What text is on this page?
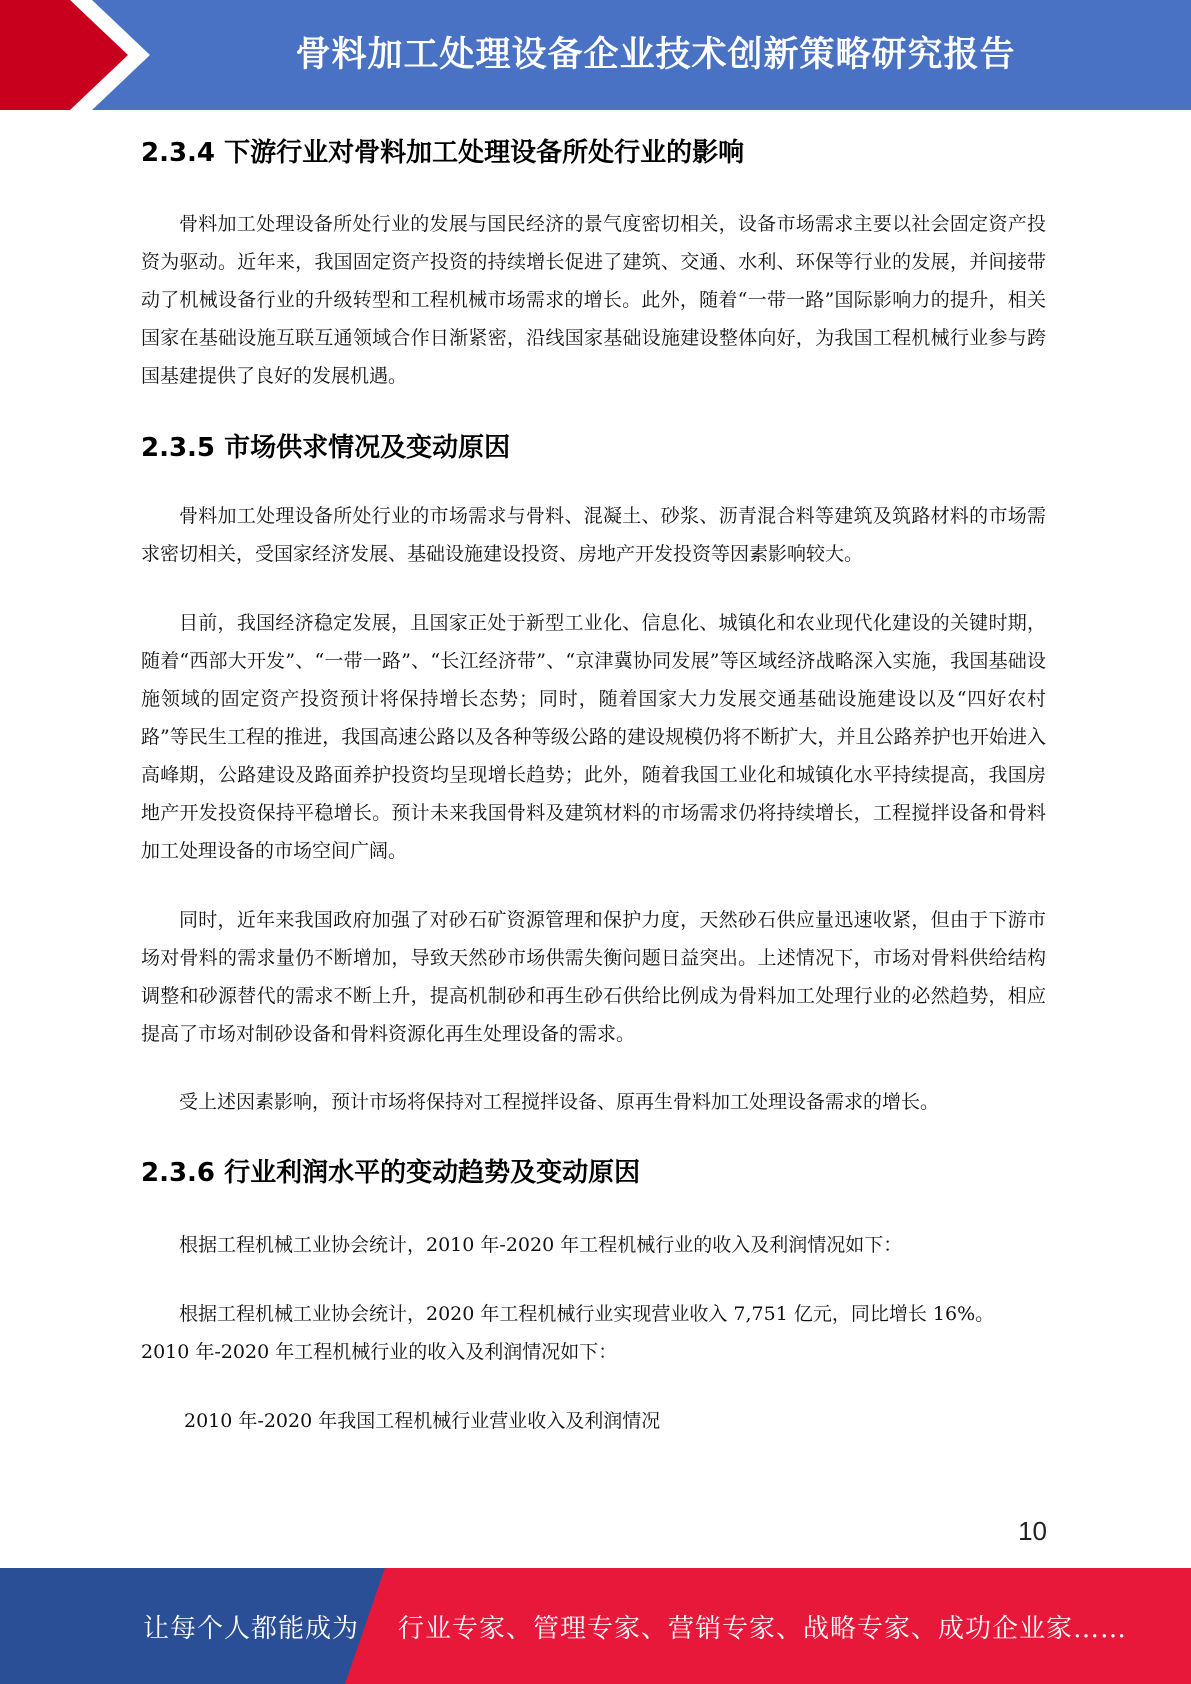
骨料加工处理设备企业技术创新策略研究报告
2.3.4 下游行业对骨料加工处理设备所处行业的影响

骨料加工处理设备所处行业的发展与国民经济的景气度密切相关，设备市场需求主要以社会固定资产投资为驱动。近年来，我国固定资产投资的持续增长促进了建筑、交通、水利、环保等行业的发展，并间接带动了机械设备行业的升级转型和工程机械市场需求的增长。此外，随着“一带一路”国际影响力的提升，相关国家在基础设施互联互通领域合作日渐紧密，沿线国家基础设施建设整体向好，为我国工程机械行业参与跨国基建提供了良好的发展机遇。

2.3.5 市场供求情况及变动原因

骨料加工处理设备所处行业的市场需求与骨料、混凝土、砂浆、沥青混合料等建筑及筑路材料的市场需求密切相关，受国家经济发展、基础设施建设投资、房地产开发投资等因素影响较大。

目前，我国经济稳定发展，且国家正处于新型工业化、信息化、城镇化和农业现代化建设的关键时期，随着“西部大开发”、“一带一路”、“长江经济带”、“京津冀协同发展”等区域经济战略深入实施，我国基础设施领域的固定资产投资预计将保持增长态势；同时，随着国家大力发展交通基础设施建设以及“四好农村路”等民生工程的推进，我国高速公路以及各种等级公路的建设规模仍将不断扩大，并且公路养护也开始进入高峰期，公路建设及路面养护投资均呈现增长趋势；此外，随着我国工业化和城镇化水平持续提高，我国房地产开发投资保持平稳增长。预计未来我国骨料及建筑材料的市场需求仍将持续增长，工程搅拌设备和骨料加工处理设备的市场空间广阔。

同时，近年来我国政府加强了对砂石矿资源管理和保护力度，天然砂石供应量迅速收紧，但由于下游市场对骨料的需求量仍不断增加，导致天然砂市场供需失衡问题日益突出。上述情况下，市场对骨料供给结构调整和砂源替代的需求不断上升，提高机制砂和再生砂石供给比例成为骨料加工处理行业的必然趋势，相应提高了市场对制砂设备和骨料资源化再生处理设备的需求。

受上述因素影响，预计市场将保持对工程搅拌设备、原再生骨料加工处理设备需求的增长。

2.3.6 行业利润水平的变动趋势及变动原因

根据工程机械工业协会统计，2010 年-2020 年工程机械行业的收入及利润情况如下：

根据工程机械工业协会统计，2020 年工程机械行业实现营业收入 7,751 亿元，同比增长 16%。

2010 年-2020 年工程机械行业的收入及利润情况如下：

2010 年-2020 年我国工程机械行业营业收入及利润情况
10
让每个人都能成为 行业专家、管理专家、营销专家、战略专家、成功企业家……
